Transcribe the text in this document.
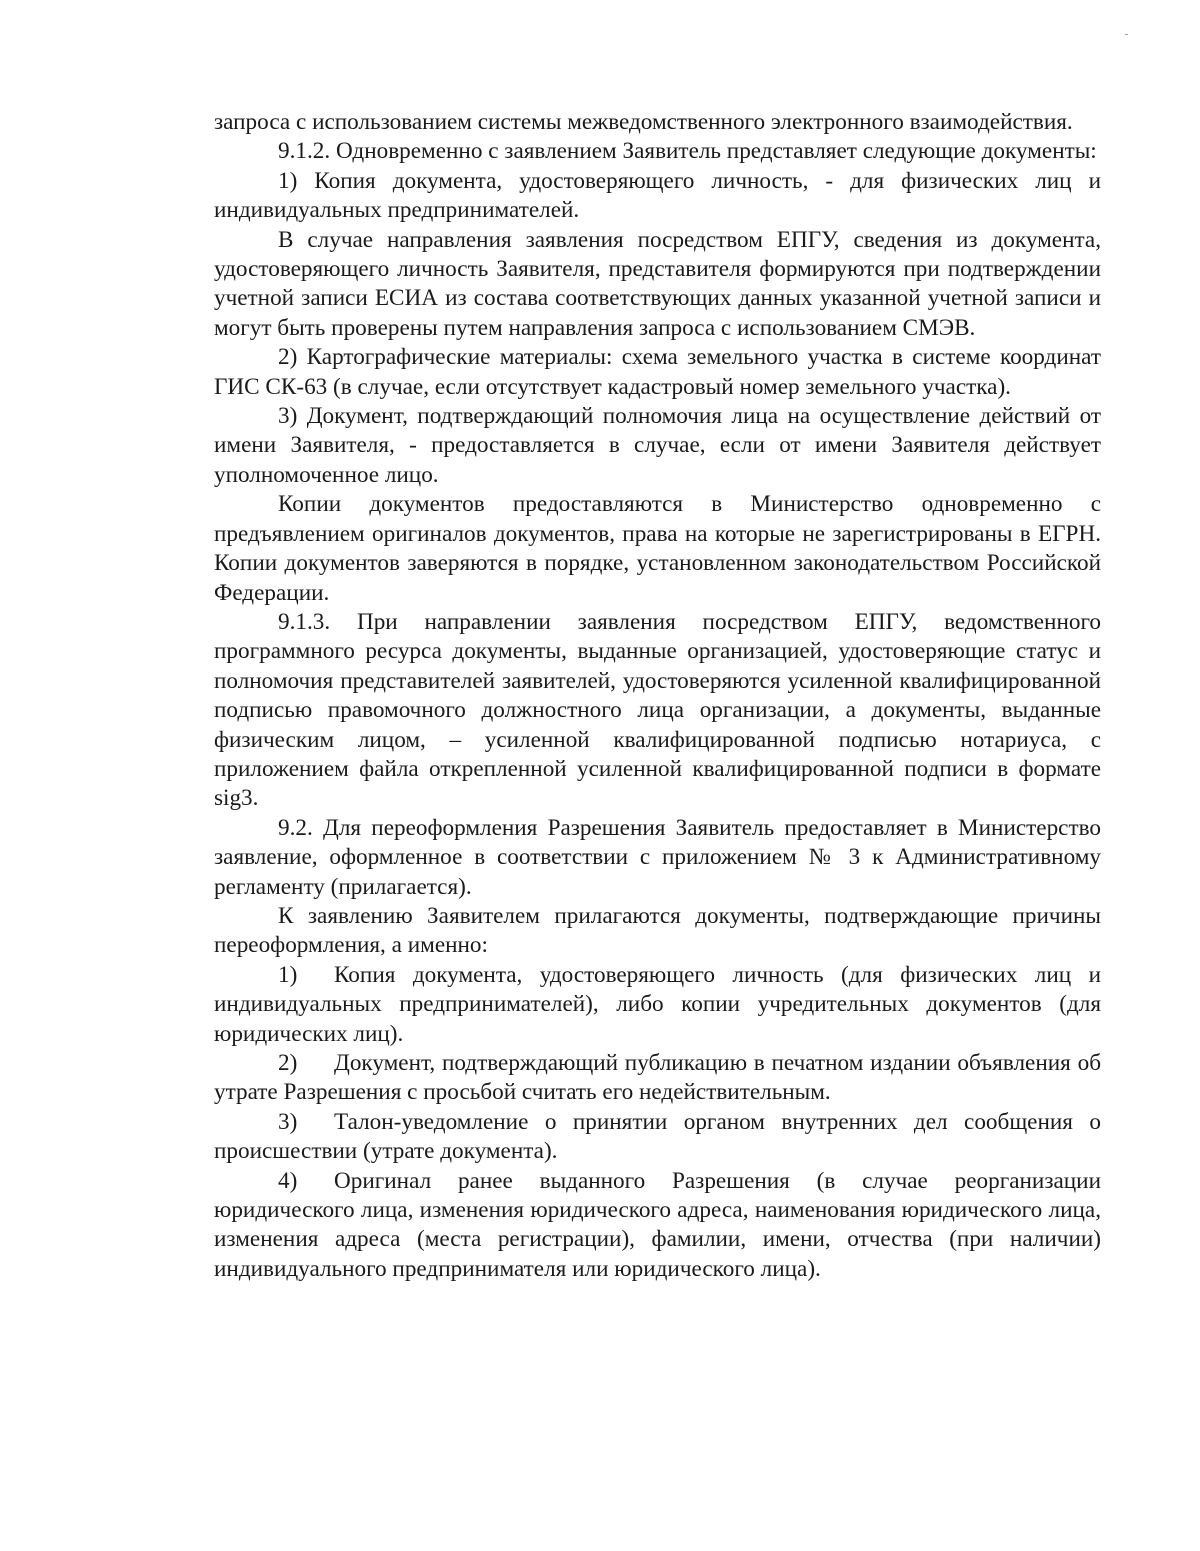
запроса с использованием системы межведомственного электронного взаимодействия.

9.1.2. Одновременно с заявлением Заявитель представляет следующие документы:

1) Копия документа, удостоверяющего личность, - для физических лиц и индивидуальных предпринимателей.

В случае направления заявления посредством ЕПГУ, сведения из документа, удостоверяющего личность Заявителя, представителя формируются при подтверждении учетной записи ЕСИА из состава соответствующих данных указанной учетной записи и могут быть проверены путем направления запроса с использованием СМЭВ.

2) Картографические материалы: схема земельного участка в системе координат ГИС СК-63 (в случае, если отсутствует кадастровый номер земельного участка).

3) Документ, подтверждающий полномочия лица на осуществление действий от имени Заявителя, - предоставляется в случае, если от имени Заявителя действует уполномоченное лицо.

Копии документов предоставляются в Министерство одновременно с предъявлением оригиналов документов, права на которые не зарегистрированы в ЕГРН. Копии документов заверяются в порядке, установленном законодательством Российской Федерации.

9.1.3. При направлении заявления посредством ЕПГУ, ведомственного программного ресурса документы, выданные организацией, удостоверяющие статус и полномочия представителей заявителей, удостоверяются усиленной квалифицированной подписью правомочного должностного лица организации, а документы, выданные физическим лицом, – усиленной квалифицированной подписью нотариуса, с приложением файла открепленной усиленной квалифицированной подписи в формате sig3.

9.2. Для переоформления Разрешения Заявитель предоставляет в Министерство заявление, оформленное в соответствии с приложением № 3 к Административному регламенту (прилагается).

К заявлению Заявителем прилагаются документы, подтверждающие причины переоформления, а именно:

1) Копия документа, удостоверяющего личность (для физических лиц и индивидуальных предпринимателей), либо копии учредительных документов (для юридических лиц).

2) Документ, подтверждающий публикацию в печатном издании объявления об утрате Разрешения с просьбой считать его недействительным.

3) Талон-уведомление о принятии органом внутренних дел сообщения о происшествии (утрате документа).

4) Оригинал ранее выданного Разрешения (в случае реорганизации юридического лица, изменения юридического адреса, наименования юридического лица, изменения адреса (места регистрации), фамилии, имени, отчества (при наличии) индивидуального предпринимателя или юридического лица).
